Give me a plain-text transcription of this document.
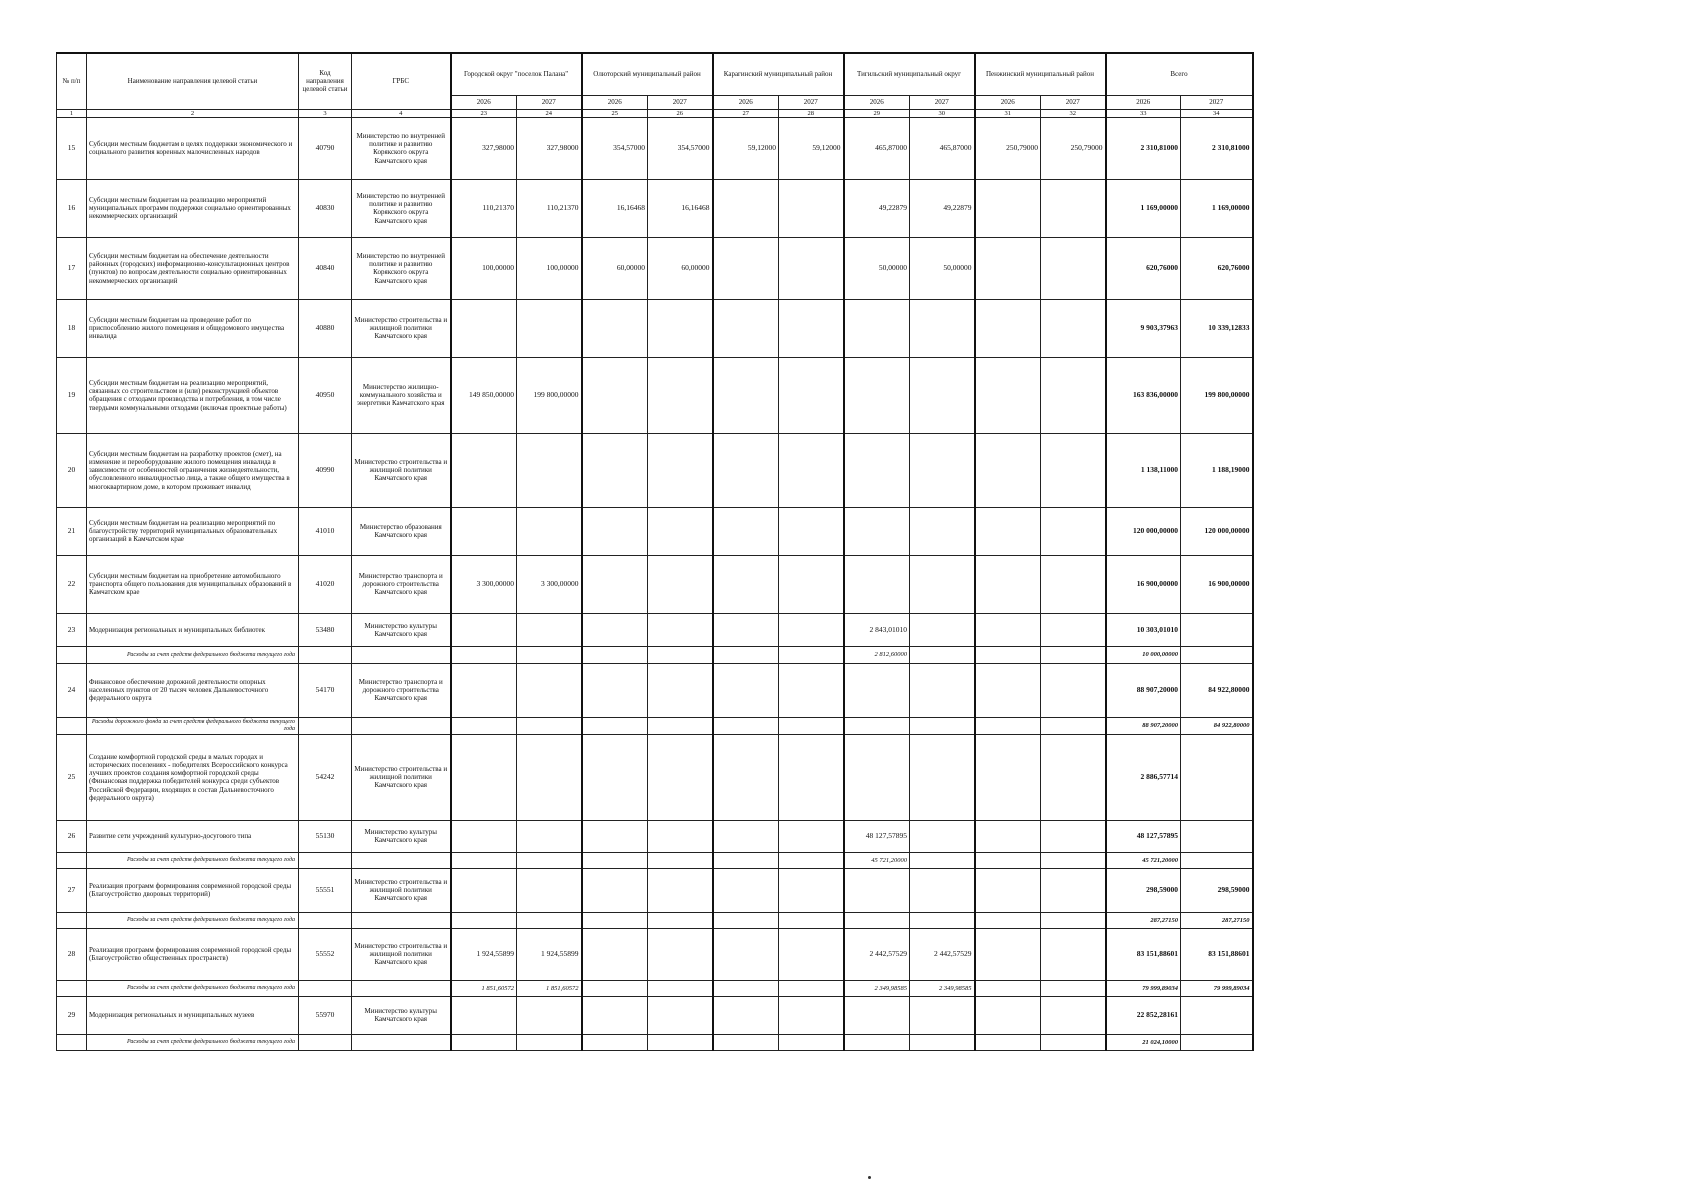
№ п/п	Наименование направления целевой статьи	Код направления целевой статьи	ГРБС	Городской округ "поселок Палана"		Олюторский муниципальный район		Карагинский муниципальный район		Тигильский муниципальный округ		Пенжинский муниципальный район		Всего	
				2026	2027	2026	2027	2026	2027	2026	2027	2026	2027	2026	2027
1	2	3	4	23	24	25	26	27	28	29	30	31	32	33	34
15	Субсидии местным бюджетам в целях поддержки экономического и социального развития коренных малочисленных народов	40790	Министерство по внутренней политике и развитию Корякского округа Камчатского края	327,98000	327,98000	354,57000	354,57000	59,12000	59,12000	465,87000	465,87000	250,79000	250,79000	2 310,81000	2 310,81000
16	Субсидии местным бюджетам на реализацию мероприятий муниципальных программ поддержки социально ориентированных некоммерческих организаций	40830	Министерство по внутренней политике и развитию Корякского округа Камчатского края	110,21370	110,21370	16,16468	16,16468			49,22879	49,22879			1 169,00000	1 169,00000
17	Субсидии местным бюджетам на обеспечение деятельности районных (городских) информационно-консультационных центров (пунктов) по вопросам деятельности социально ориентированных некоммерческих организаций	40840	Министерство по внутренней политике и развитию Корякского округа Камчатского края	100,00000	100,00000	60,00000	60,00000			50,00000	50,00000			620,76000	620,76000
18	Субсидии местным бюджетам на проведение работ по приспособлению жилого помещения и общедомового имущества инвалида	40880	Министерство строительства и жилищной политики Камчатского края											9 903,37963	10 339,12833
19	Субсидии местным бюджетам на реализацию мероприятий, связанных со строительством и (или) реконструкцией объектов обращения с отходами производства и потребления, в том числе твердыми коммунальными отходами (включая проектные работы)	40950	Министерство жилищно-коммунального хозяйства и энергетики Камчатского края	149 850,00000	199 800,00000									163 836,00000	199 800,00000
20	Субсидии местным бюджетам на разработку проектов (смет), на изменение и переоборудование жилого помещения инвалида в зависимости от особенностей ограничения жизнедеятельности, обусловленного инвалидностью лица, а также общего имущества в многоквартирном доме, в котором проживает инвалид	40990	Министерство строительства и жилищной политики Камчатского края											1 138,11000	1 188,19000
21	Субсидии местным бюджетам на реализацию мероприятий по благоустройству территорий муниципальных образовательных организаций в Камчатском крае	41010	Министерство образования Камчатского края											120 000,00000	120 000,00000
22	Субсидии местным бюджетам на приобретение автомобильного транспорта общего пользования для муниципальных образований в Камчатском крае	41020	Министерство транспорта и дорожного строительства Камчатского края	3 300,00000	3 300,00000									16 900,00000	16 900,00000
23	Модернизация региональных и муниципальных библиотек	53480	Министерство культуры Камчатского края							2 843,01010				10 303,01010	
	Расходы за счет средств федерального бюджета текущего года									2 812,60000				10 000,00000	
24	Финансовое обеспечение дорожной деятельности опорных населенных пунктов от 20 тысяч человек Дальневосточного федерального округа	54170	Министерство транспорта и дорожного строительства Камчатского края											88 907,20000	84 922,80000
	Расходы дорожного фонда за счет средств федерального бюджета текущего года													88 907,20000	84 922,80000
25	Создание комфортной городской среды в малых городах и исторических поселениях - победителях Всероссийского конкурса лучших проектов создания комфортной городской среды (Финансовая поддержка победителей конкурса среди субъектов Российской Федерации, входящих в состав Дальневосточного федерального округа)	54242	Министерство строительства и жилищной политики Камчатского края											2 886,57714	
26	Развитие сети учреждений культурно-досугового типа	55130	Министерство культуры Камчатского края							48 127,57895				48 127,57895	
	Расходы за счет средств федерального бюджета текущего года									45 721,20000				45 721,20000	
27	Реализация программ формирования современной городской среды (Благоустройство дворовых территорий)	55551	Министерство строительства и жилищной политики Камчатского края											298,59000	298,59000
	Расходы за счет средств федерального бюджета текущего года													287,27150	287,27150
28	Реализация программ формирования современной городской среды (Благоустройство общественных пространств)	55552	Министерство строительства и жилищной политики Камчатского края	1 924,55899	1 924,55899					2 442,57529	2 442,57529			83 151,88601	83 151,88601
	Расходы за счет средств федерального бюджета текущего года			1 851,60572	1 851,60572					2 349,98585	2 349,98585			79 999,89034	79 999,89034
29	Модернизация региональных и муниципальных музеев	55970	Министерство культуры Камчатского края											22 852,28161	
	Расходы за счет средств федерального бюджета текущего года													21 024,10000	
